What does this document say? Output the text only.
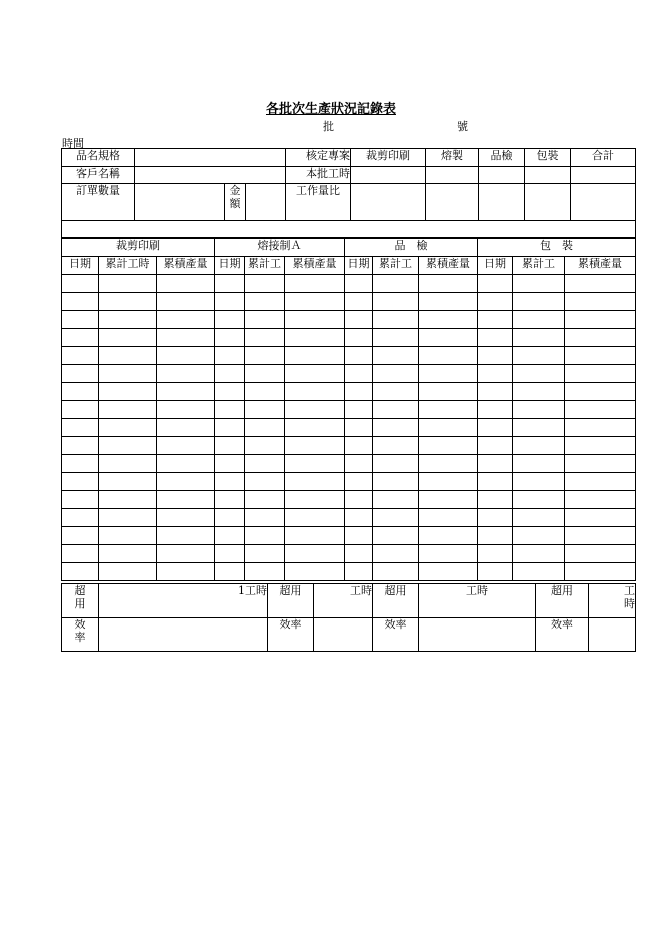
各批次生產狀況記錄表
批	號
時間
品名規格				核定專案	裁剪印刷	熔製	品檢	包裝	合計
客戶名稱				本批工時					
訂單數量		金額		工作量比					

裁剪印刷			熔接制Ａ			品　檢			包　裝		
日期	累計工時	累積產量	日期	累計工	累積產量	日期	累計工	累積產量	日期	累計工	累積產量

超用	1工時	超用	工時	超用	工時	超用	工時
效率		效率		效率		效率	
